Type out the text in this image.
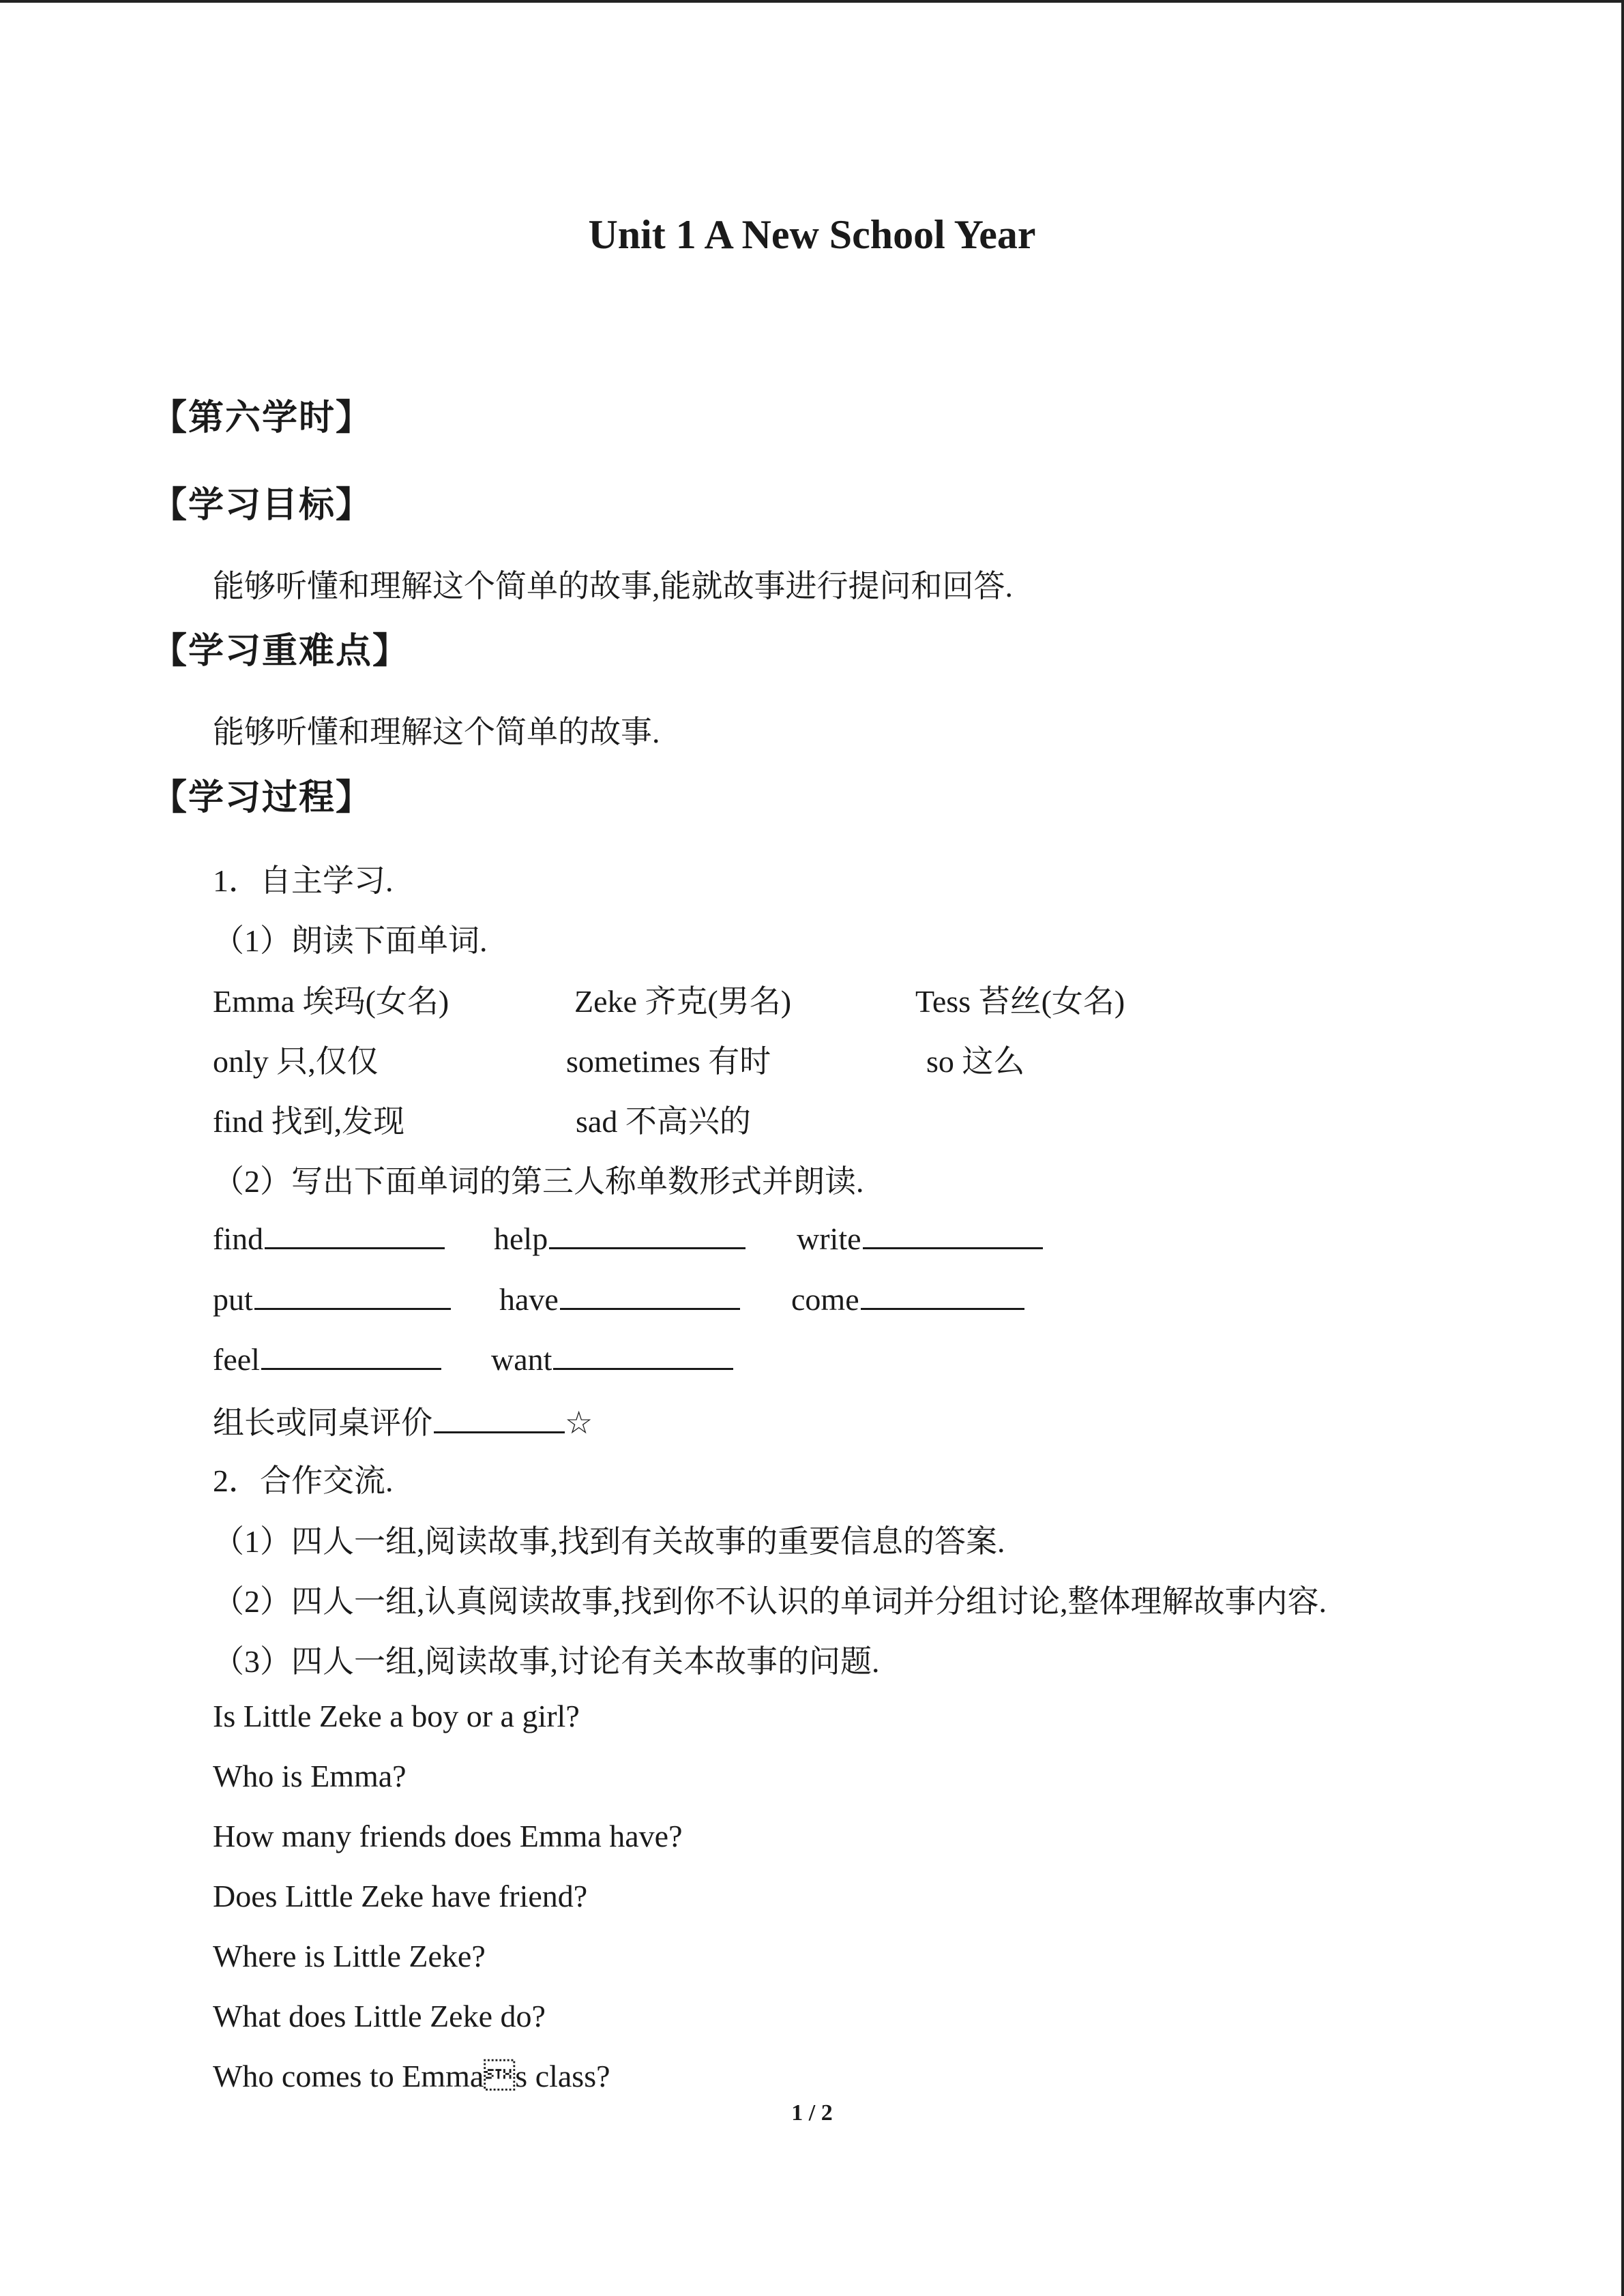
Unit 1 A New School Year
【第六学时】
【学习目标】
能够听懂和理解这个简单的故事,能就故事进行提问和回答.
【学习重难点】
能够听懂和理解这个简单的故事.
【学习过程】
1．自主学习.
（1）朗读下面单词.
Emma 埃玛(女名)	Zeke 齐克(男名)	Tess 苔丝(女名)
only 只,仅仅	sometimes 有时	so 这么
find 找到,发现	sad 不高兴的
（2）写出下面单词的第三人称单数形式并朗读.
find	help	write
put	have	come
feel	want
组长或同桌评价	☆
2．合作交流.
（1）四人一组,阅读故事,找到有关故事的重要信息的答案.
（2）四人一组,认真阅读故事,找到你不认识的单词并分组讨论,整体理解故事内容.
（3）四人一组,阅读故事,讨论有关本故事的问题.
Is Little Zeke a boy or a girl?
Who is Emma?
How many friends does Emma have?
Does Little Zeke have friend?
Where is Little Zeke?
What does Little Zeke do?
Who comes to Emmas class?
1 / 2
